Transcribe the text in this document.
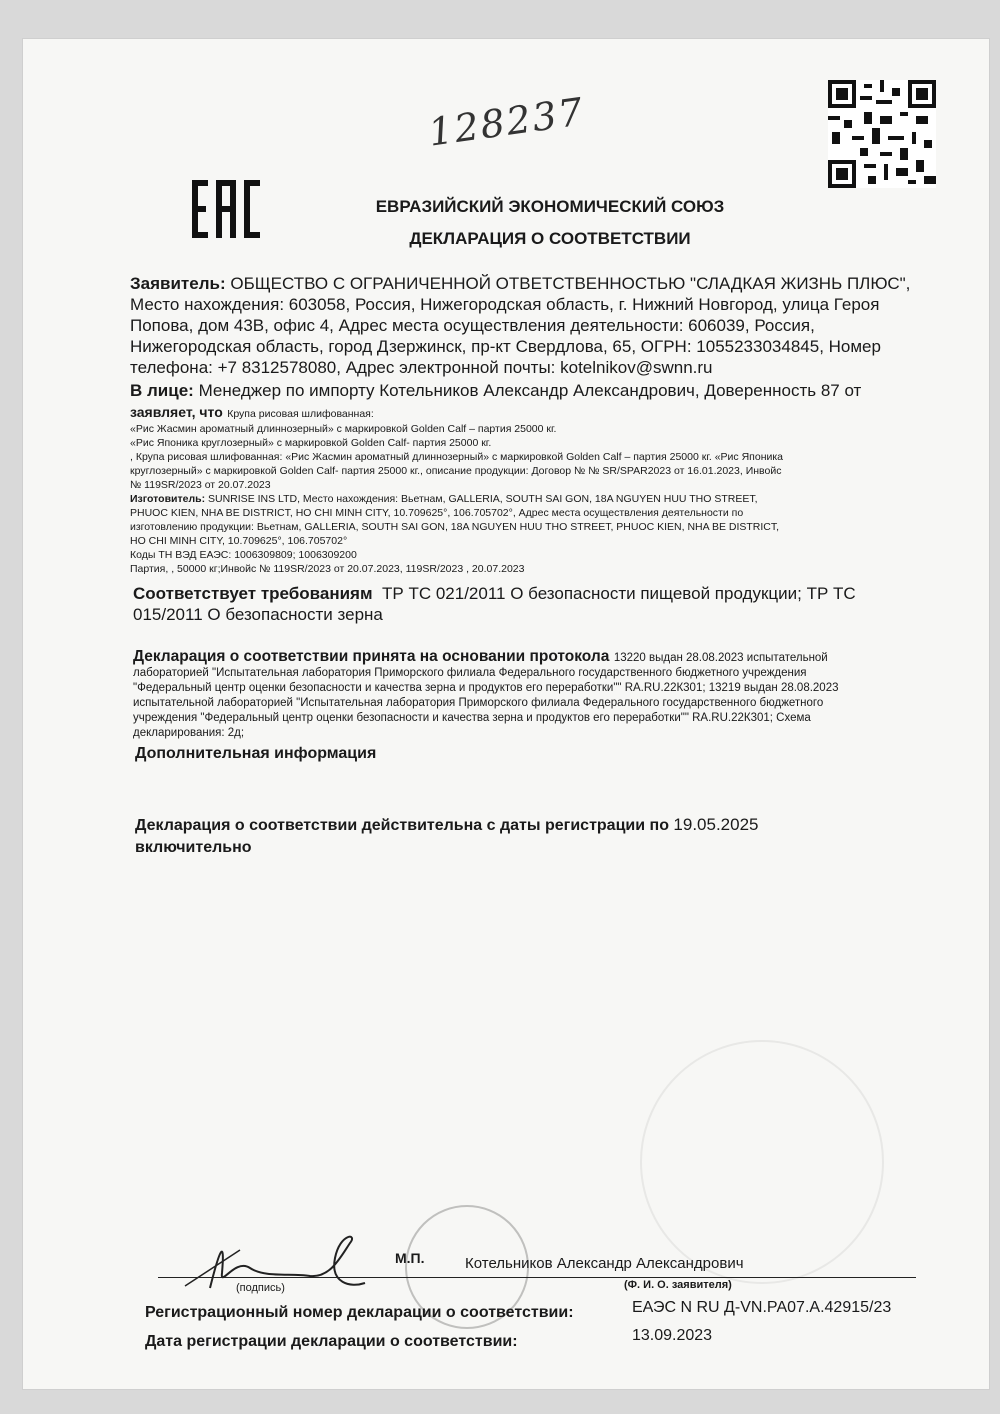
128237
ЕВРАЗИЙСКИЙ ЭКОНОМИЧЕСКИЙ СОЮЗ
ДЕКЛАРАЦИЯ О СООТВЕТСТВИИ
Заявитель: ОБЩЕСТВО С ОГРАНИЧЕННОЙ ОТВЕТСТВЕННОСТЬЮ "СЛАДКАЯ ЖИЗНЬ ПЛЮС",
Место нахождения: 603058, Россия, Нижегородская область, г. Нижний Новгород, улица Героя
Попова, дом 43В, офис 4, Адрес места осуществления деятельности: 606039, Россия,
Нижегородская область, город Дзержинск, пр-кт Свердлова, 65, ОГРН: 1055233034845, Номер
телефона: +7 8312578080, Адрес электронной почты: kotelnikov@swnn.ru
В лице: Менеджер по импорту Котельников Александр Александрович, Доверенность 87 от
заявляет, что Крупа рисовая шлифованная:
«Рис Жасмин ароматный длиннозерный» с маркировкой Golden Calf – партия 25000 кг.
«Рис Японика круглозерный» с маркировкой Golden Calf- партия 25000 кг.
, Крупа рисовая шлифованная: «Рис Жасмин ароматный длиннозерный» с маркировкой Golden Calf – партия 25000 кг. «Рис Японика
круглозерный» с маркировкой Golden Calf- партия 25000 кг., описание продукции: Договор № № SR/SPAR2023 от 16.01.2023, Инвойс
№ 119SR/2023 от 20.07.2023
Изготовитель: SUNRISE INS LTD, Место нахождения: Вьетнам, GALLERIA, SOUTH SAI GON, 18A NGUYEN HUU THO STREET,
PHUOC KIEN, NHA BE DISTRICT, HO CHI MINH CITY, 10.709625°, 106.705702°, Адрес места осуществления деятельности по
изготовлению продукции: Вьетнам, GALLERIA, SOUTH SAI GON, 18A NGUYEN HUU THO STREET, PHUOC KIEN, NHA BE DISTRICT,
HO CHI MINH CITY, 10.709625°, 106.705702°
Коды ТН ВЭД ЕАЭС: 1006309809; 1006309200
Партия, , 50000 кг;Инвойс № 119SR/2023 от 20.07.2023, 119SR/2023 , 20.07.2023
Соответствует требованиям ТР ТС 021/2011 О безопасности пищевой продукции; ТР ТС
015/2011 О безопасности зерна
Декларация о соответствии принята на основании протокола 13220 выдан 28.08.2023 испытательной
лабораторией "Испытательная лаборатория Приморского филиала Федерального государственного бюджетного учреждения
"Федеральный центр оценки безопасности и качества зерна и продуктов его переработки"" RA.RU.22К301; 13219 выдан 28.08.2023
испытательной лабораторией "Испытательная лаборатория Приморского филиала Федерального государственного бюджетного
учреждения "Федеральный центр оценки безопасности и качества зерна и продуктов его переработки"" RA.RU.22К301; Схема
декларирования: 2д;
Дополнительная информация
Декларация о соответствии действительна с даты регистрации по 19.05.2025
включительно
М.П.	Котельников Александр Александрович
(подпись)	(Ф. И. О. заявителя)
Регистрационный номер декларации о соответствии:	ЕАЭС N RU Д-VN.РА07.А.42915/23
Дата регистрации декларации о соответствии:	13.09.2023
